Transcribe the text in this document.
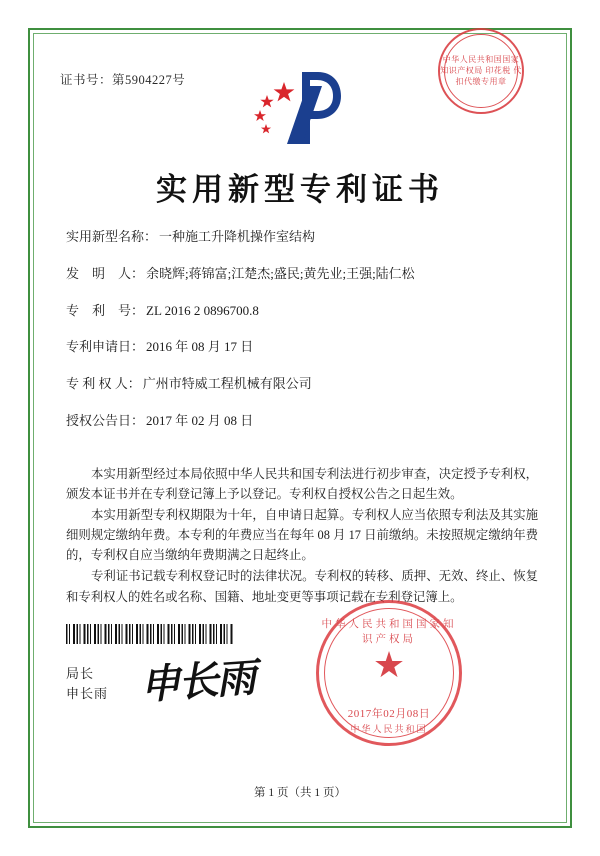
证书号：第5904227号
实用新型专利证书
实用新型名称： 一种施工升降机操作室结构
发　明　人： 余晓辉;蒋锦富;江楚杰;盛民;黄先业;王强;陆仁松
专　利　号： ZL 2016 2 0896700.8
专利申请日： 2016 年 08 月 17 日
专 利 权 人： 广州市特威工程机械有限公司
授权公告日： 2017 年 02 月 08 日

本实用新型经过本局依照中华人民共和国专利法进行初步审查，决定授予专利权，颁发本证书并在专利登记簿上予以登记。专利权自授权公告之日起生效。

本实用新型专利权期限为十年，自申请日起算。专利权人应当依照专利法及其实施细则规定缴纳年费。本专利的年费应当在每年 08 月 17 日前缴纳。未按照规定缴纳年费的，专利权自应当缴纳年费期满之日起终止。

专利证书记载专利权登记时的法律状况。专利权的转移、质押、无效、终止、恢复和专利权人的姓名或名称、国籍、地址变更等事项记载在专利登记簿上。

局长
申长雨 申长雨
第 1 页（共 1 页）
中华人民共和国国家知识产权局 印花税 代扣代缴专用章
中华人民共和国国家知识产权局
★
2017年02月08日
中华人民共和国
